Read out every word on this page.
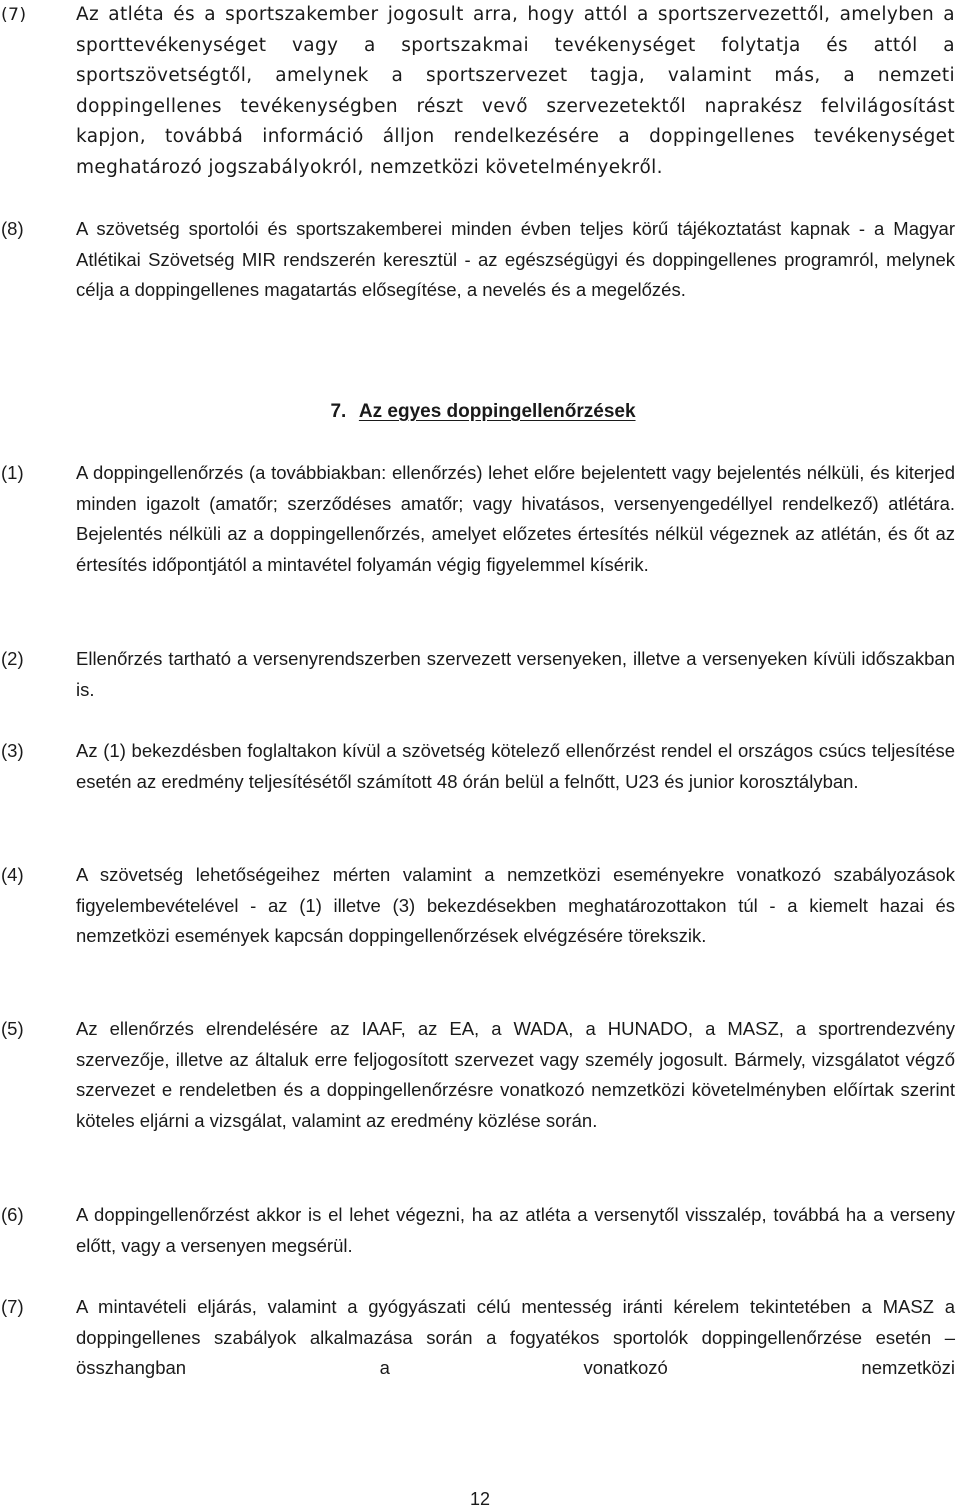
(7)	Az atléta és a sportszakember jogosult arra, hogy attól a sportszervezettől, amelyben a sporttevékenységet vagy a sportszakmai tevékenységet folytatja és attól a sportszövetségtől, amelynek a sportszervezet tagja, valamint más, a nemzeti doppingellenes tevékenységben részt vevő szervezetektől naprakész felvilágosítást kapjon, továbbá információ álljon rendelkezésére a doppingellenes tevékenységet meghatározó jogszabályokról, nemzetközi követelményekről.
(8)	A szövetség sportolói és sportszakemberei minden évben teljes körű tájékoztatást kapnak - a Magyar Atlétikai Szövetség MIR rendszerén keresztül - az egészségügyi és doppingellenes programról, melynek célja a doppingellenes magatartás elősegítése, a nevelés és a megelőzés.
7. Az egyes doppingellenőrzések
(1)	A doppingellenőrzés (a továbbiakban: ellenőrzés) lehet előre bejelentett vagy bejelentés nélküli, és kiterjed minden igazolt (amatőr; szerződéses amatőr; vagy hivatásos, versenyengedéllyel rendelkező) atlétára. Bejelentés nélküli az a doppingellenőrzés, amelyet előzetes értesítés nélkül végeznek az atlétán, és őt az értesítés időpontjától a mintavétel folyamán végig figyelemmel kísérik.
(2)	Ellenőrzés tartható a versenyrendszerben szervezett versenyeken, illetve a versenyeken kívüli időszakban is.
(3)	Az (1) bekezdésben foglaltakon kívül a szövetség kötelező ellenőrzést rendel el országos csúcs teljesítése esetén az eredmény teljesítésétől számított 48 órán belül a felnőtt, U23 és junior korosztályban.
(4)	A szövetség lehetőségeihez mérten valamint a nemzetközi eseményekre vonatkozó szabályozások figyelembevételével - az (1) illetve (3) bekezdésekben meghatározottakon túl - a kiemelt hazai és nemzetközi események kapcsán doppingellenőrzések elvégzésére törekszik.
(5)	Az ellenőrzés elrendelésére az IAAF, az EA, a WADA, a HUNADO, a MASZ, a sportrendezvény szervezője, illetve az általuk erre feljogosított szervezet vagy személy jogosult. Bármely, vizsgálatot végző szervezet e rendeletben és a doppingellenőrzésre vonatkozó nemzetközi követelményben előírtak szerint köteles eljárni a vizsgálat, valamint az eredmény közlése során.
(6)	A doppingellenőrzést akkor is el lehet végezni, ha az atléta a versenytől visszalép, továbbá ha a verseny előtt, vagy a versenyen megsérül.
(7)	A mintavételi eljárás, valamint a gyógyászati célú mentesség iránti kérelem tekintetében a MASZ a doppingellenes szabályok alkalmazása során a fogyatékos sportolók doppingellenőrzése esetén – összhangban a vonatkozó nemzetközi
12
